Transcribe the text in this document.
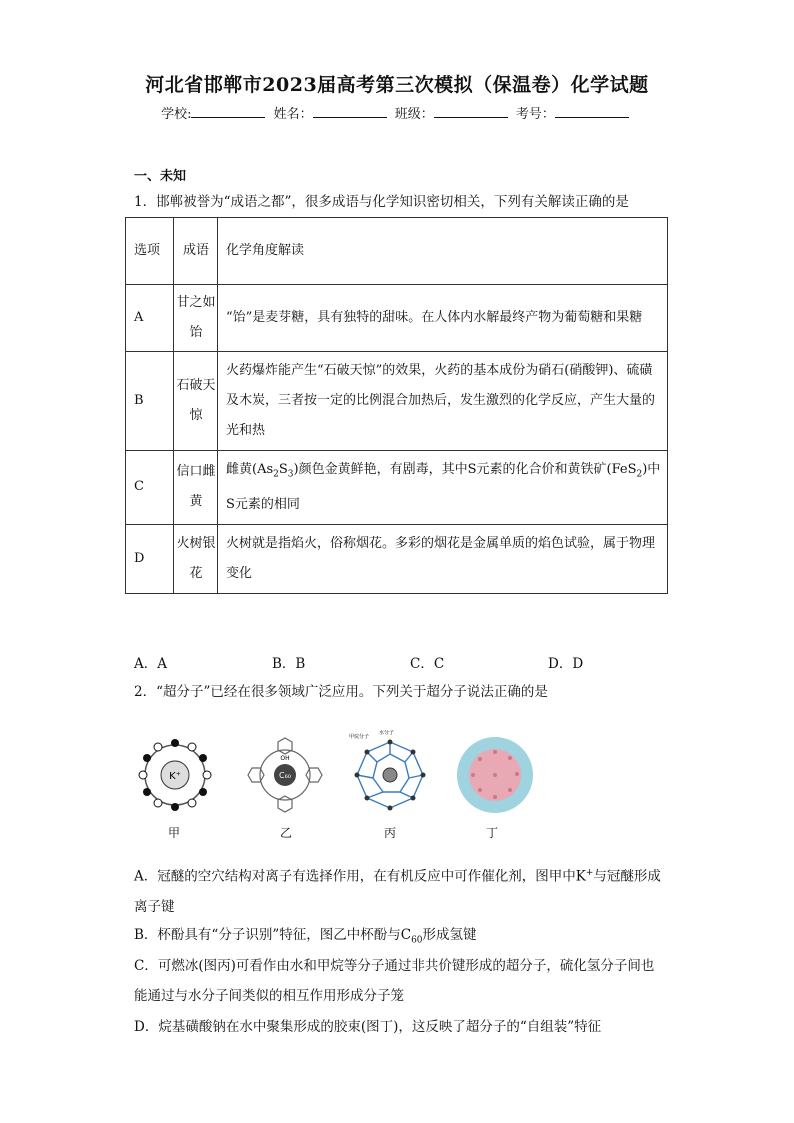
河北省邯郸市2023届高考第三次模拟（保温卷）化学试题
学校:	姓名：	班级：	考号：
一、未知
1．邯郸被誉为“成语之都”，很多成语与化学知识密切相关，下列有关解读正确的是
选项	成语	化学角度解读
A	甘之如饴	“饴”是麦芽糖，具有独特的甜味。在人体内水解最终产物为葡萄糖和果糖
B	石破天惊	火药爆炸能产生“石破天惊”的效果，火药的基本成份为硝石(硝酸钾)、硫磺及木炭，三者按一定的比例混合加热后，发生激烈的化学反应，产生大量的光和热
C	信口雌黄	雌黄$(As_2S_3)$颜色金黄鲜艳，有剧毒，其中S元素的化合价和黄铁矿(FeS$_2$)中S元素的相同
D	火树银花	火树就是指焰火，俗称烟花。多彩的烟花是金属单质的焰色试验，属于物理变化
A．A	B．B	C．C	D．D
2．“超分子”已经在很多领域广泛应用。下列关于超分子说法正确的是
K⁺
OH
C₆₀
甲烷分子
水分子
甲	乙	丙	丁
A．冠醚的空穴结构对离子有选择作用，在有机反应中可作催化剂，图甲中K+与冠醚形成离子键
B．杯酚具有“分子识别”特征，图乙中杯酚与$C_{60}$形成氢键
C．可燃冰(图丙)可看作由水和甲烷等分子通过非共价键形成的超分子，硫化氢分子间也能通过与水分子间类似的相互作用形成分子笼
D．烷基磺酸钠在水中聚集形成的胶束(图丁)，这反映了超分子的“自组装”特征
